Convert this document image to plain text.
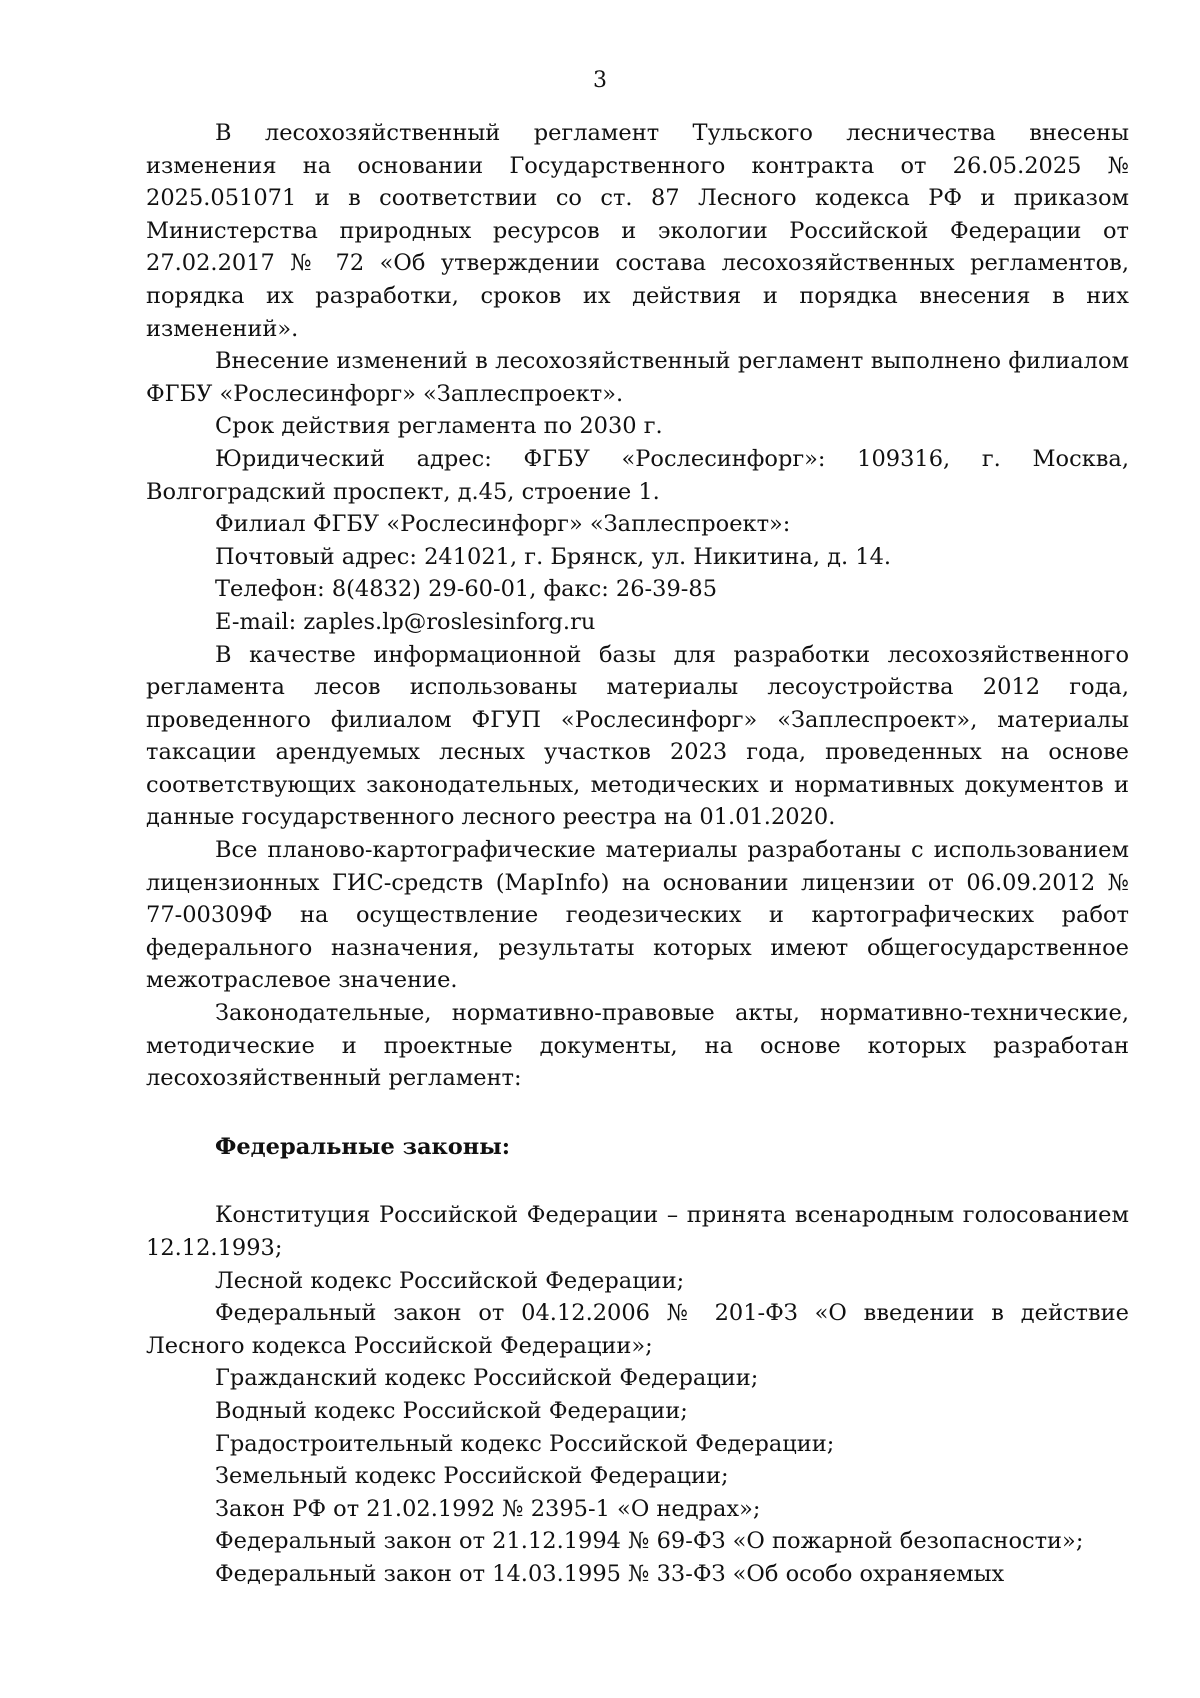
3

В лесохозяйственный регламент Тульского лесничества внесены изменения на основании Государственного контракта от 26.05.2025 № 2025.051071 и в соответствии со ст. 87 Лесного кодекса РФ и приказом Министерства природных ресурсов и экологии Российской Федерации от 27.02.2017 № 72 «Об утверждении состава лесохозяйственных регламентов, порядка их разработки, сроков их действия и порядка внесения в них изменений».

Внесение изменений в лесохозяйственный регламент выполнено филиалом ФГБУ «Рослесинфорг» «Заплеспроект».

Срок действия регламента по 2030 г.

Юридический адрес: ФГБУ «Рослесинфорг»: 109316, г. Москва, Волгоградский проспект, д.45, строение 1.

Филиал ФГБУ «Рослесинфорг» «Заплеспроект»:

Почтовый адрес: 241021, г. Брянск, ул. Никитина, д. 14.

Телефон: 8(4832) 29-60-01, факс: 26-39-85

E-mail: zaples.lp@roslesinforg.ru

В качестве информационной базы для разработки лесохозяйственного регламента лесов использованы материалы лесоустройства 2012 года, проведенного филиалом ФГУП «Рослесинфорг» «Заплеспроект», материалы таксации арендуемых лесных участков 2023 года, проведенных на основе соответствующих законодательных, методических и нормативных документов и данные государственного лесного реестра на 01.01.2020.

Все планово-картографические материалы разработаны с использованием лицензионных ГИС-средств (MapInfo) на основании лицензии от 06.09.2012 № 77-00309Ф на осуществление геодезических и картографических работ федерального назначения, результаты которых имеют общегосударственное межотраслевое значение.

Законодательные, нормативно-правовые акты, нормативно-технические, методические и проектные документы, на основе которых разработан лесохозяйственный регламент:

Федеральные законы:

Конституция Российской Федерации – принята всенародным голосованием 12.12.1993;

Лесной кодекс Российской Федерации;

Федеральный закон от 04.12.2006 № 201-ФЗ «О введении в действие Лесного кодекса Российской Федерации»;

Гражданский кодекс Российской Федерации;

Водный кодекс Российской Федерации;

Градостроительный кодекс Российской Федерации;

Земельный кодекс Российской Федерации;

Закон РФ от 21.02.1992 № 2395-1 «О недрах»;

Федеральный закон от 21.12.1994 № 69-ФЗ «О пожарной безопасности»;

Федеральный закон от 14.03.1995 № 33-ФЗ «Об особо охраняемых
